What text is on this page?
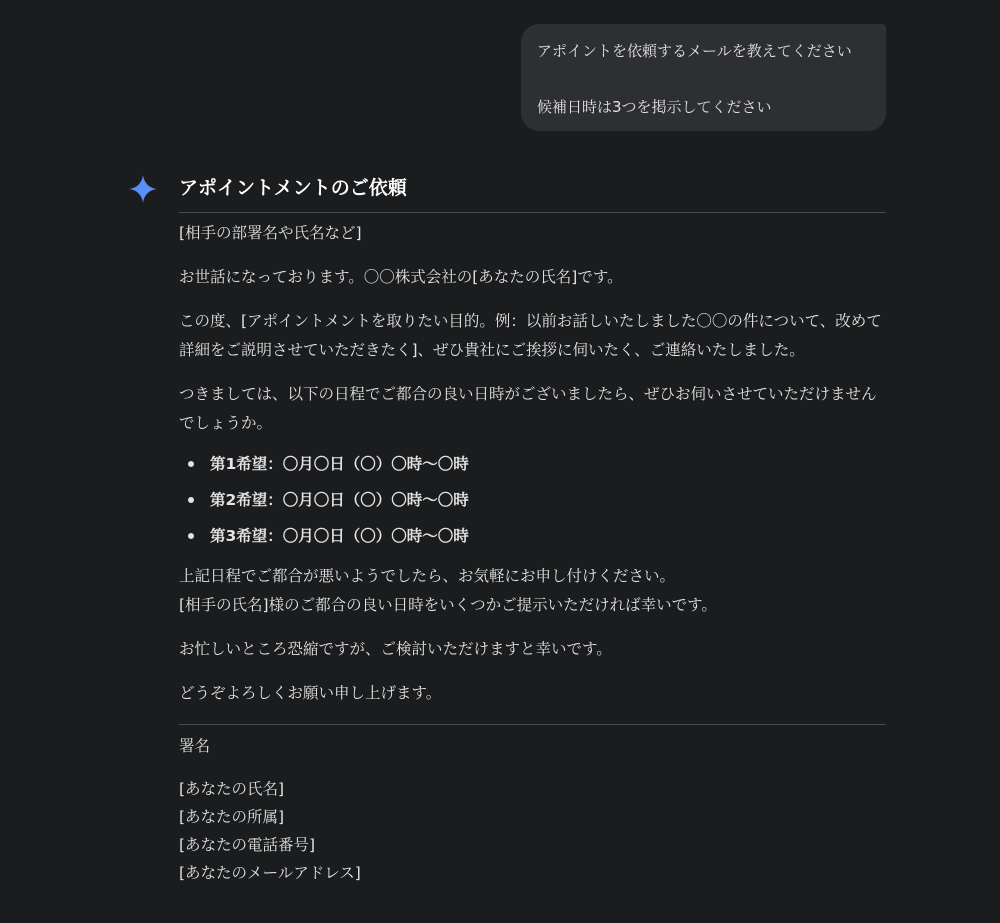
アポイントを依頼するメールを教えてください

候補日時は3つを掲示してください

アポイントメントのご依頼

[相手の部署名や氏名など]

お世話になっております。〇〇株式会社の[あなたの氏名]です。

この度、[アポイントメントを取りたい目的。例：以前お話しいたしました〇〇の件について、改めて詳細をご説明させていただきたく]、ぜひ貴社にご挨拶に伺いたく、ご連絡いたしました。

つきましては、以下の日程でご都合の良い日時がございましたら、ぜひお伺いさせていただけませんでしょうか。

第1希望：〇月〇日（〇）〇時〜〇時
第2希望：〇月〇日（〇）〇時〜〇時
第3希望：〇月〇日（〇）〇時〜〇時

上記日程でご都合が悪いようでしたら、お気軽にお申し付けください。

[相手の氏名]様のご都合の良い日時をいくつかご提示いただければ幸いです。

お忙しいところ恐縮ですが、ご検討いただけますと幸いです。

どうぞよろしくお願い申し上げます。

署名

[あなたの氏名]

[あなたの所属]

[あなたの電話番号]

[あなたのメールアドレス]
